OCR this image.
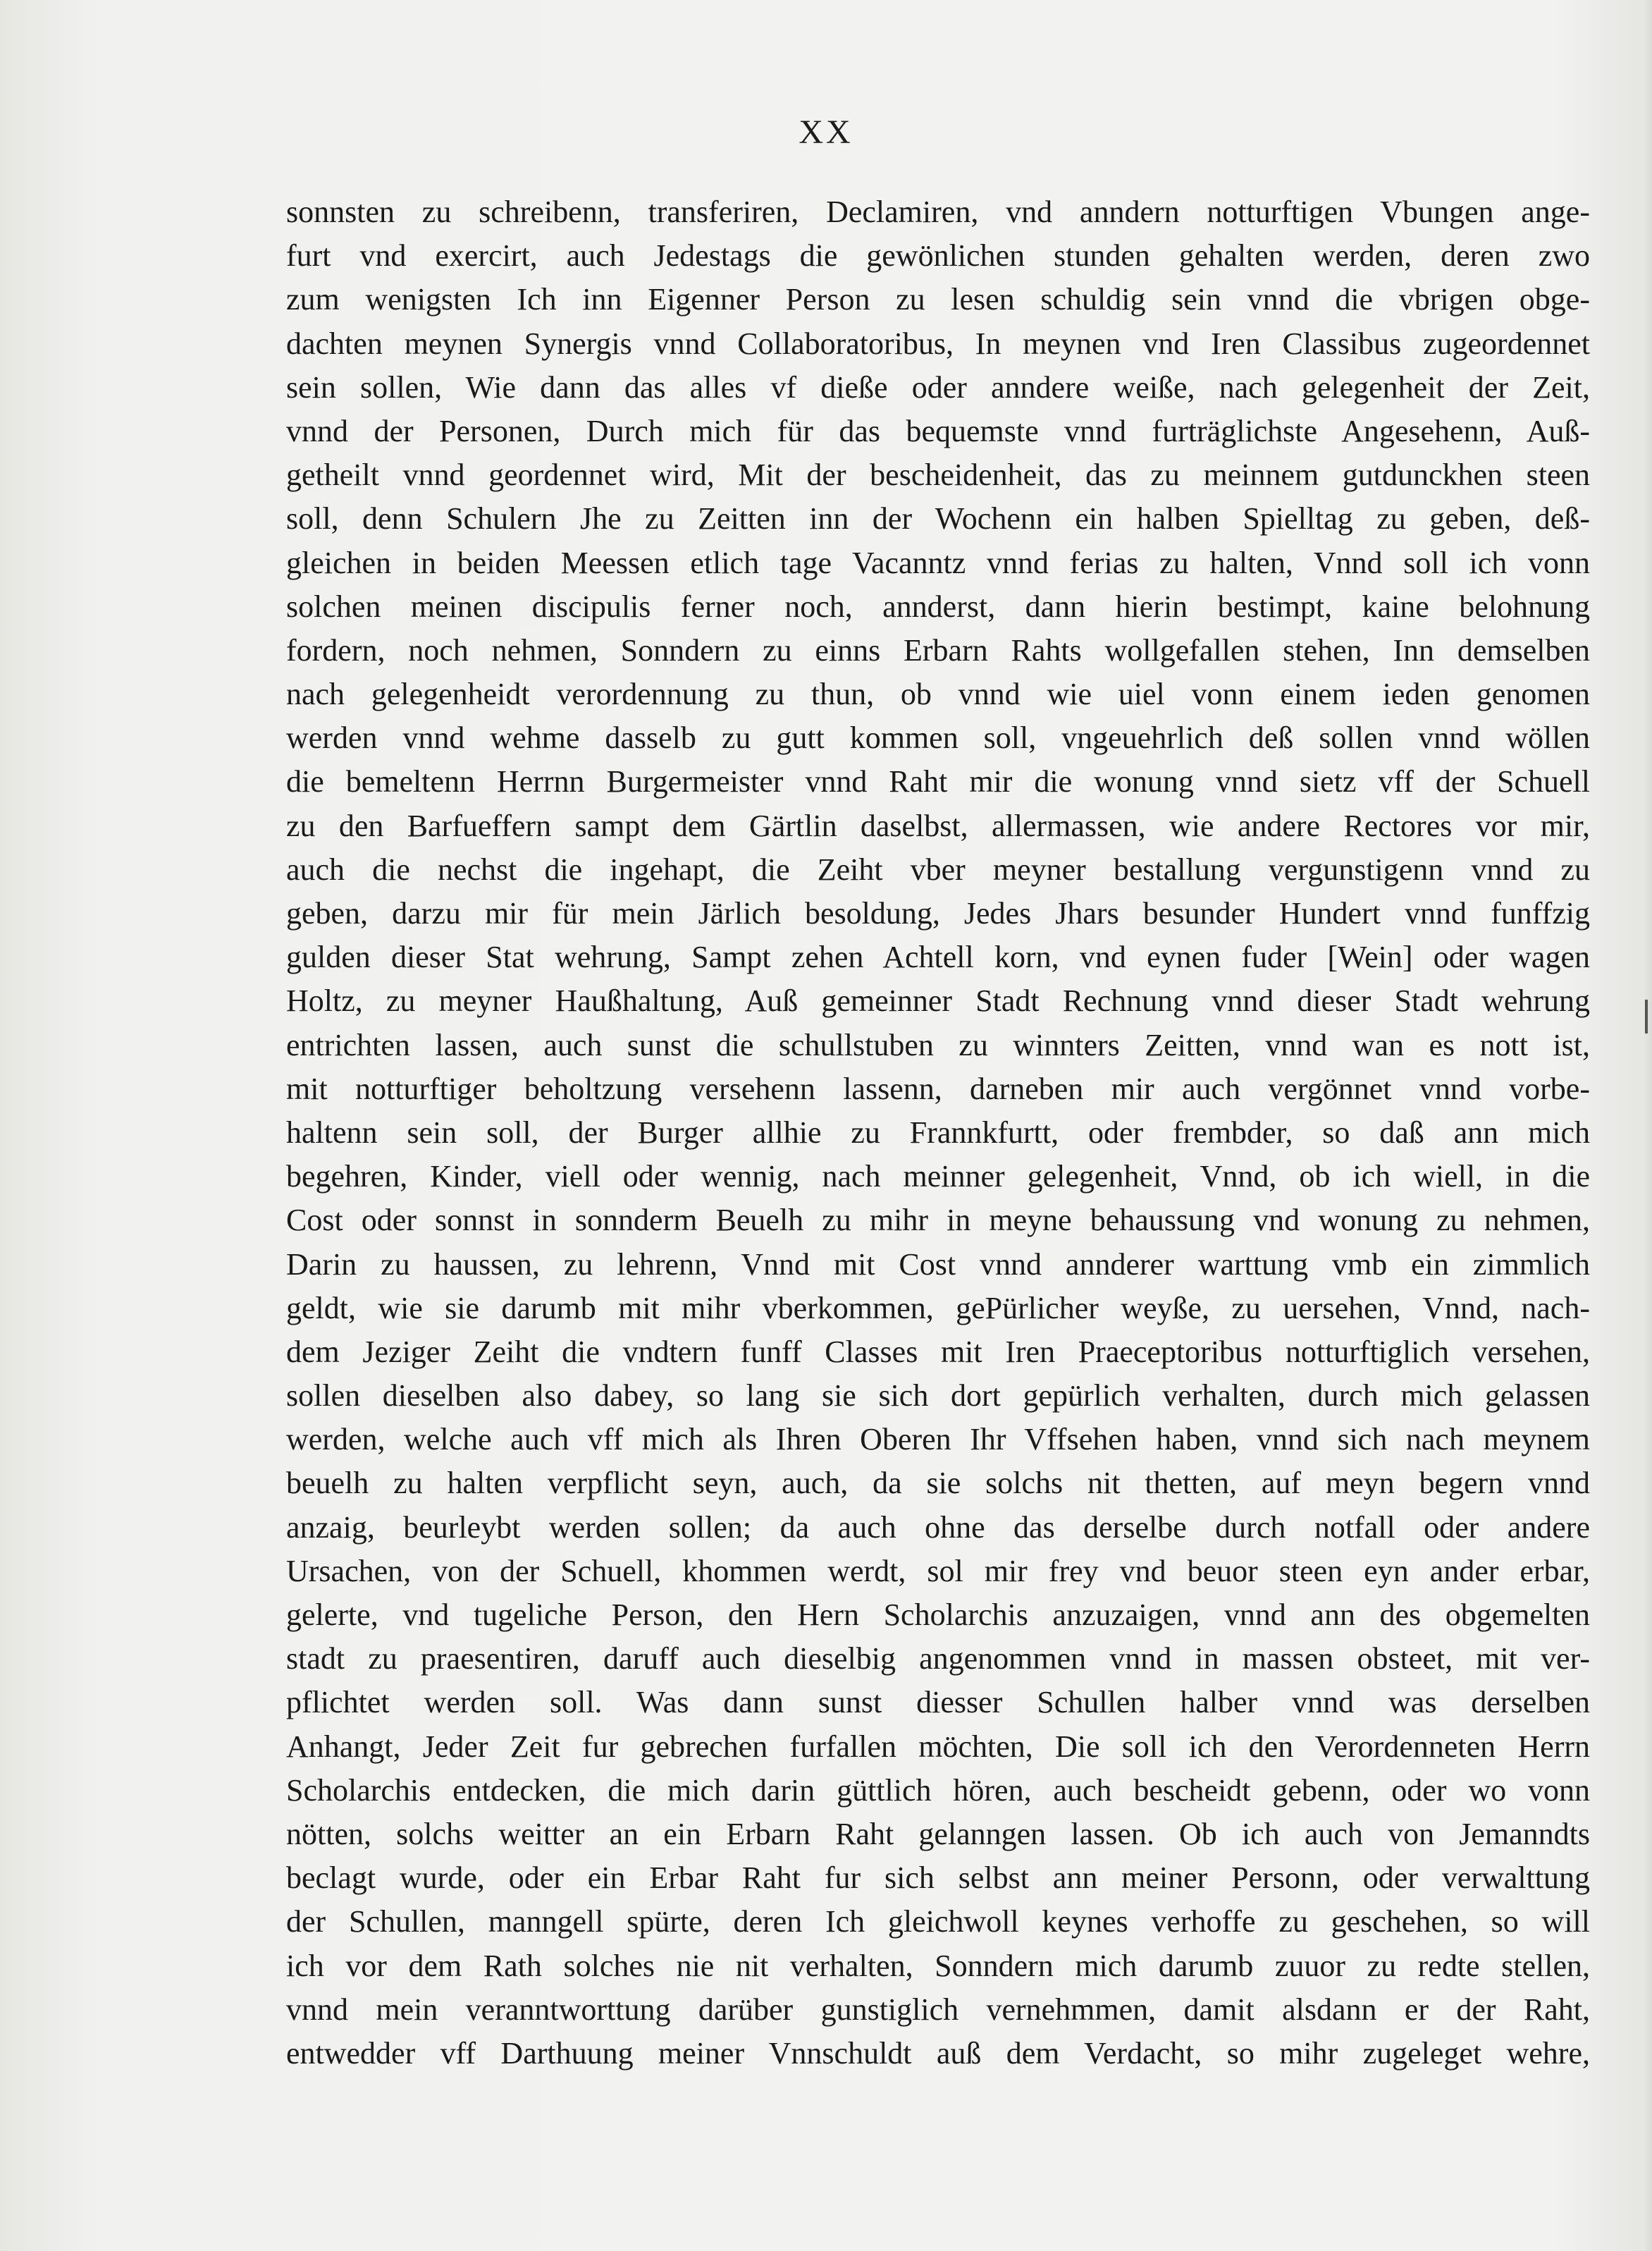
XX
sonnsten zu schreibenn, transferiren, Declamiren, vnd anndern notturftigen Vbungen ange-
furt vnd exercirt, auch Jedestags die gewönlichen stunden gehalten werden, deren zwo
zum wenigsten Ich inn Eigenner Person zu lesen schuldig sein vnnd die vbrigen obge-
dachten meynen Synergis vnnd Collaboratoribus, In meynen vnd Iren Classibus zugeordennet
sein sollen, Wie dann das alles vf dieße oder anndere weiße, nach gelegenheit der Zeit,
vnnd der Personen, Durch mich für das bequemste vnnd furträglichste Angesehenn, Auß-
getheilt vnnd geordennet wird, Mit der bescheidenheit, das zu meinnem gutdunckhen steen
soll, denn Schulern Jhe zu Zeitten inn der Wochenn ein halben Spielltag zu geben, deß-
gleichen in beiden Meessen etlich tage Vacanntz vnnd ferias zu halten, Vnnd soll ich vonn
solchen meinen discipulis ferner noch, annderst, dann hierin bestimpt, kaine belohnung
fordern, noch nehmen, Sonndern zu einns Erbarn Rahts wollgefallen stehen, Inn demselben
nach gelegenheidt verordennung zu thun, ob vnnd wie uiel vonn einem ieden genomen
werden vnnd wehme dasselb zu gutt kommen soll, vngeuehrlich deß sollen vnnd wöllen
die bemeltenn Herrnn Burgermeister vnnd Raht mir die wonung vnnd sietz vff der Schuell
zu den Barfueffern sampt dem Gärtlin daselbst, allermassen, wie andere Rectores vor mir,
auch die nechst die ingehapt, die Zeiht vber meyner bestallung vergunstigenn vnnd zu
geben, darzu mir für mein Järlich besoldung, Jedes Jhars besunder Hundert vnnd funffzig
gulden dieser Stat wehrung, Sampt zehen Achtell korn, vnd eynen fuder [Wein] oder wagen
Holtz, zu meyner Haußhaltung, Auß gemeinner Stadt Rechnung vnnd dieser Stadt wehrung
entrichten lassen, auch sunst die schullstuben zu winnters Zeitten, vnnd wan es nott ist,
mit notturftiger beholtzung versehenn lassenn, darneben mir auch vergönnet vnnd vorbe-
haltenn sein soll, der Burger allhie zu Frannkfurtt, oder frembder, so daß ann mich
begehren, Kinder, viell oder wennig, nach meinner gelegenheit, Vnnd, ob ich wiell, in die
Cost oder sonnst in sonnderm Beuelh zu mihr in meyne behaussung vnd wonung zu nehmen,
Darin zu haussen, zu lehrenn, Vnnd mit Cost vnnd annderer warttung vmb ein zimmlich
geldt, wie sie darumb mit mihr vberkommen, gePürlicher weyße, zu uersehen, Vnnd, nach-
dem Jeziger Zeiht die vndtern funff Classes mit Iren Praeceptoribus notturftiglich versehen,
sollen dieselben also dabey, so lang sie sich dort gepürlich verhalten, durch mich gelassen
werden, welche auch vff mich als Ihren Oberen Ihr Vffsehen haben, vnnd sich nach meynem
beuelh zu halten verpflicht seyn, auch, da sie solchs nit thetten, auf meyn begern vnnd
anzaig, beurleybt werden sollen; da auch ohne das derselbe durch notfall oder andere
Ursachen, von der Schuell, khommen werdt, sol mir frey vnd beuor steen eyn ander erbar,
gelerte, vnd tugeliche Person, den Hern Scholarchis anzuzaigen, vnnd ann des obgemelten
stadt zu praesentiren, daruff auch dieselbig angenommen vnnd in massen obsteet, mit ver-
pflichtet werden soll. Was dann sunst diesser Schullen halber vnnd was derselben
Anhangt, Jeder Zeit fur gebrechen furfallen möchten, Die soll ich den Verordenneten Herrn
Scholarchis entdecken, die mich darin güttlich hören, auch bescheidt gebenn, oder wo vonn
nötten, solchs weitter an ein Erbarn Raht gelanngen lassen. Ob ich auch von Jemanndts
beclagt wurde, oder ein Erbar Raht fur sich selbst ann meiner Personn, oder verwalttung
der Schullen, manngell spürte, deren Ich gleichwoll keynes verhoffe zu geschehen, so will
ich vor dem Rath solches nie nit verhalten, Sonndern mich darumb zuuor zu redte stellen,
vnnd mein veranntworttung darüber gunstiglich vernehmmen, damit alsdann er der Raht,
entwedder vff Darthuung meiner Vnnschuldt auß dem Verdacht, so mihr zugeleget wehre,
